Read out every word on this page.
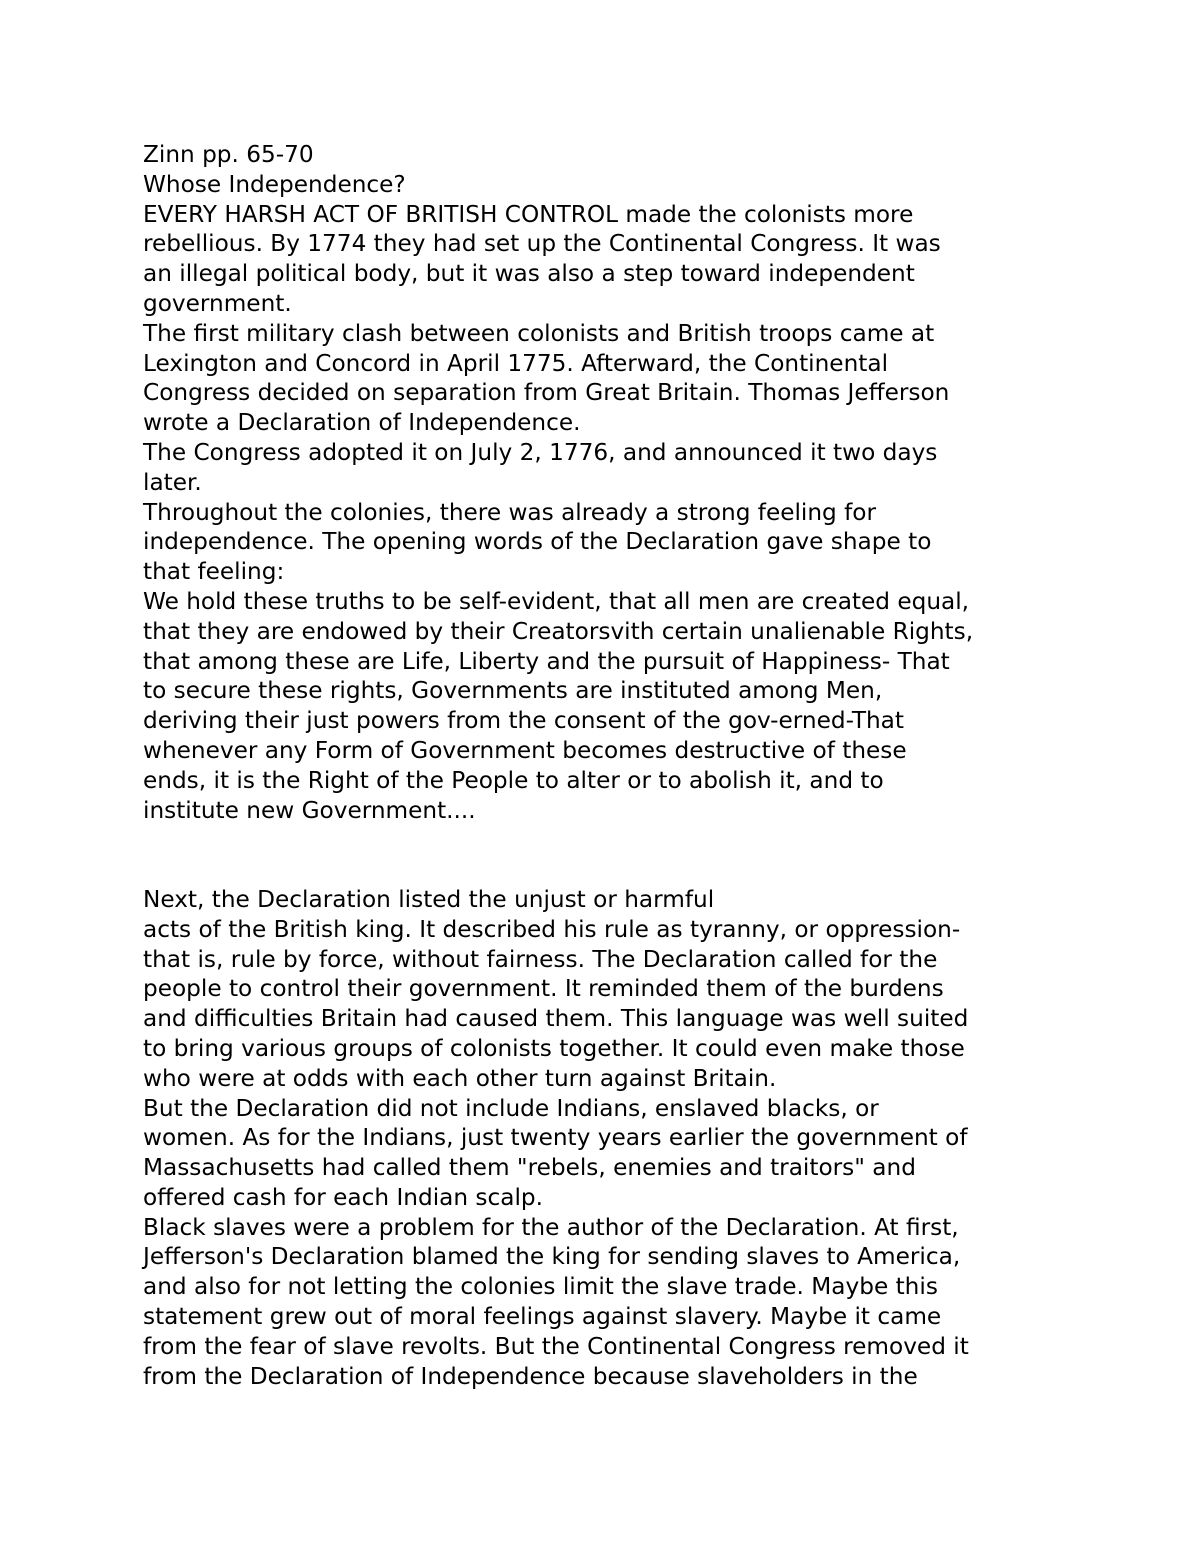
Zinn pp. 65-70
Whose Independence?
EVERY HARSH ACT OF BRITISH CONTROL made the colonists more
rebellious. By 1774 they had set up the Continental Congress. It was
an illegal political body, but it was also a step toward independent
government.
The first military clash between colonists and British troops came at
Lexington and Concord in April 1775. Afterward, the Continental
Congress decided on separation from Great Britain. Thomas Jefferson
wrote a Declaration of Independence.
The Congress adopted it on July 2, 1776, and announced it two days
later.
Throughout the colonies, there was already a strong feeling for
independence. The opening words of the Declaration gave shape to
that feeling:
We hold these truths to be self-evident, that all men are created equal,
that they are endowed by their Creatorsvith certain unalienable Rights,
that among these are Life, Liberty and the pursuit of Happiness- That
to secure these rights, Governments are instituted among Men,
deriving their just powers from the consent of the gov-erned-That
whenever any Form of Government becomes destructive of these
ends, it is the Right of the People to alter or to abolish it, and to
institute new Government....
Next, the Declaration listed the unjust or harmful
acts of the British king. It described his rule as tyranny, or oppression-
that is, rule by force, without fairness. The Declaration called for the
people to control their government. It reminded them of the burdens
and difficulties Britain had caused them. This language was well suited
to bring various groups of colonists together. It could even make those
who were at odds with each other turn against Britain.
But the Declaration did not include Indians, enslaved blacks, or
women. As for the Indians, just twenty years earlier the government of
Massachusetts had called them "rebels, enemies and traitors" and
offered cash for each Indian scalp.
Black slaves were a problem for the author of the Declaration. At first,
Jefferson's Declaration blamed the king for sending slaves to America,
and also for not letting the colonies limit the slave trade. Maybe this
statement grew out of moral feelings against slavery. Maybe it came
from the fear of slave revolts. But the Continental Congress removed it
from the Declaration of Independence because slaveholders in the
